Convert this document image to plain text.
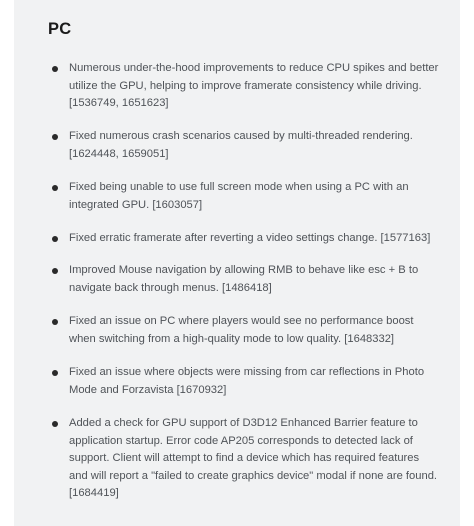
PC
Numerous under-the-hood improvements to reduce CPU spikes and better utilize the GPU, helping to improve framerate consistency while driving. [1536749, 1651623]
Fixed numerous crash scenarios caused by multi-threaded rendering. [1624448, 1659051]
Fixed being unable to use full screen mode when using a PC with an integrated GPU. [1603057]
Fixed erratic framerate after reverting a video settings change. [1577163]
Improved Mouse navigation by allowing RMB to behave like esc + B to navigate back through menus. [1486418]
Fixed an issue on PC where players would see no performance boost when switching from a high-quality mode to low quality. [1648332]
Fixed an issue where objects were missing from car reflections in Photo Mode and Forzavista [1670932]
Added a check for GPU support of D3D12 Enhanced Barrier feature to application startup. Error code AP205 corresponds to detected lack of support. Client will attempt to find a device which has required features and will report a "failed to create graphics device" modal if none are found. [1684419]
